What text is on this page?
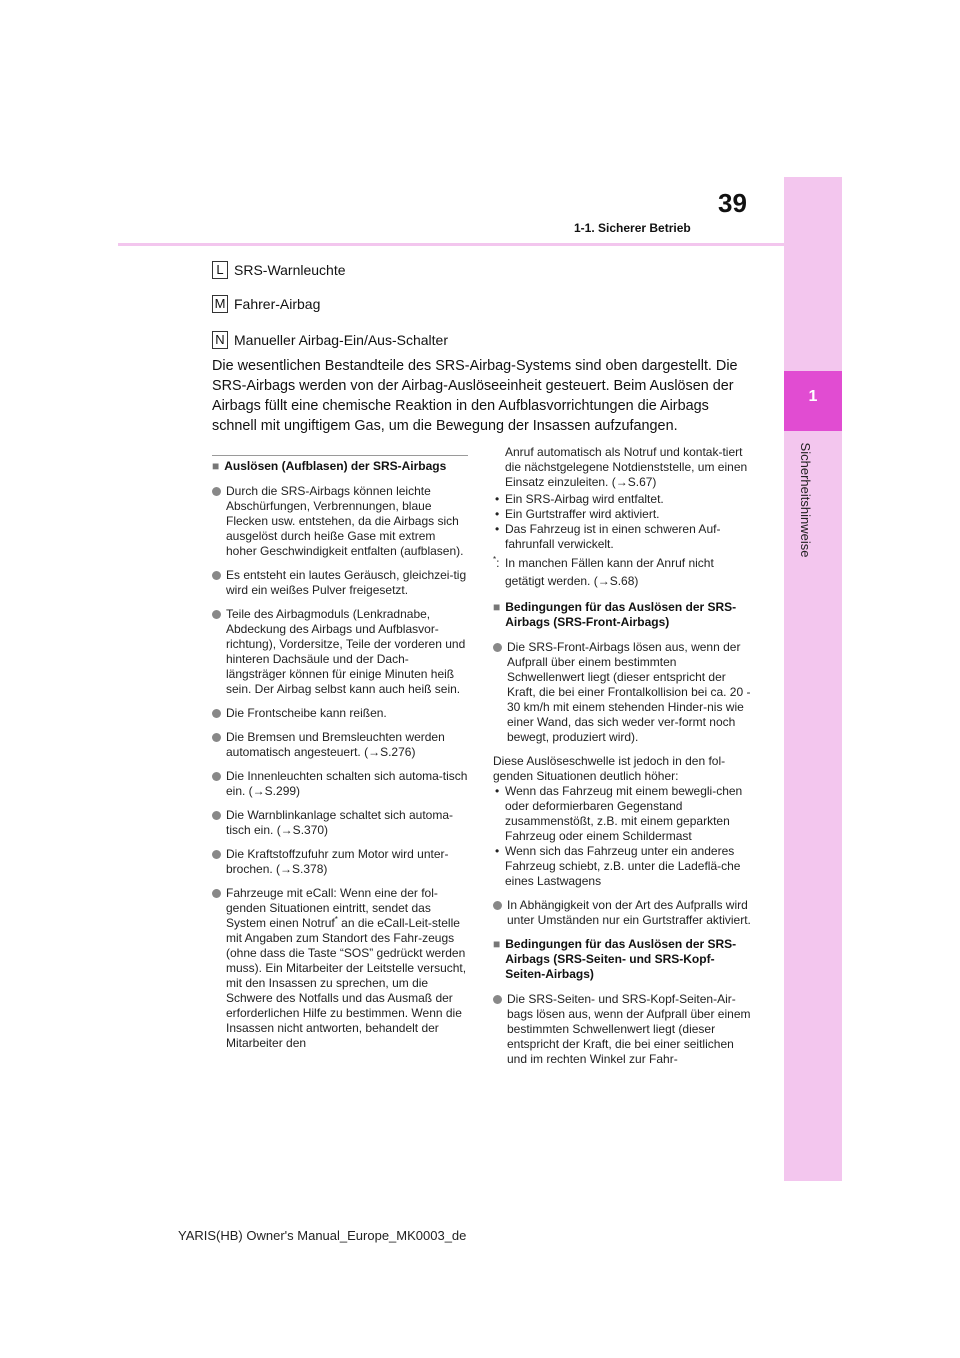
1
Sicherheitshinweise
39
1-1. Sicherer Betrieb
L SRS-Warnleuchte
M Fahrer-Airbag
N Manueller Airbag-Ein/Aus-Schalter
Die wesentlichen Bestandteile des SRS-Airbag-Systems sind oben dargestellt. Die SRS-Airbags werden von der Airbag-Auslöseeinheit gesteuert. Beim Auslösen der Airbags füllt eine chemische Reaktion in den Aufblasvorrichtungen die Airbags schnell mit ungiftigem Gas, um die Bewegung der Insassen aufzufangen.
■ Auslösen (Aufblasen) der SRS-Airbags
Durch die SRS-Airbags können leichte Abschürfungen, Verbrennungen, blaue Flecken usw. entstehen, da die Airbags sich ausgelöst durch heiße Gase mit extrem hoher Geschwindigkeit entfalten (aufblasen).
Es entsteht ein lautes Geräusch, gleichzei-tig wird ein weißes Pulver freigesetzt.
Teile des Airbagmoduls (Lenkradnabe, Abdeckung des Airbags und Aufblasvor-richtung), Vordersitze, Teile der vorderen und hinteren Dachsäule und der Dach-längsträger können für einige Minuten heiß sein. Der Airbag selbst kann auch heiß sein.
Die Frontscheibe kann reißen.
Die Bremsen und Bremsleuchten werden automatisch angesteuert. (→S.276)
Die Innenleuchten schalten sich automa-tisch ein. (→S.299)
Die Warnblinkanlage schaltet sich automa-tisch ein. (→S.370)
Die Kraftstoffzufuhr zum Motor wird unter-brochen. (→S.378)
Fahrzeuge mit eCall: Wenn eine der fol-genden Situationen eintritt, sendet das System einen Notruf* an die eCall-Leit-stelle mit Angaben zum Standort des Fahr-zeugs (ohne dass die Taste “SOS” gedrückt werden muss). Ein Mitarbeiter der Leitstelle versucht, mit den Insassen zu sprechen, um die Schwere des Notfalls und das Ausmaß der erforderlichen Hilfe zu bestimmen. Wenn die Insassen nicht antworten, behandelt der Mitarbeiter den
Anruf automatisch als Notruf und kontak-tiert die nächstgelegene Notdienststelle, um einen Einsatz einzuleiten. (→S.67)
• Ein SRS-Airbag wird entfaltet.
• Ein Gurtstraffer wird aktiviert.
• Das Fahrzeug ist in einen schweren Auf-fahrunfall verwickelt.
*: In manchen Fällen kann der Anruf nicht getätigt werden. (→S.68)
■ Bedingungen für das Auslösen der SRS-Airbags (SRS-Front-Airbags)
Die SRS-Front-Airbags lösen aus, wenn der Aufprall über einem bestimmten Schwellenwert liegt (dieser entspricht der Kraft, die bei einer Frontalkollision bei ca. 20 - 30 km/h mit einem stehenden Hinder-nis wie einer Wand, das sich weder ver-formt noch bewegt, produziert wird).
Diese Auslöseschwelle ist jedoch in den fol-genden Situationen deutlich höher:
• Wenn das Fahrzeug mit einem bewegli-chen oder deformierbaren Gegenstand zusammenstößt, z.B. mit einem geparkten Fahrzeug oder einem Schildermast
• Wenn sich das Fahrzeug unter ein anderes Fahrzeug schiebt, z.B. unter die Ladeflä-che eines Lastwagens
In Abhängigkeit von der Art des Aufpralls wird unter Umständen nur ein Gurtstraffer aktiviert.
■ Bedingungen für das Auslösen der SRS-Airbags (SRS-Seiten- und SRS-Kopf-Seiten-Airbags)
Die SRS-Seiten- und SRS-Kopf-Seiten-Air-bags lösen aus, wenn der Aufprall über einem bestimmten Schwellenwert liegt (dieser entspricht der Kraft, die bei einer seitlichen und im rechten Winkel zur Fahr-
YARIS(HB) Owner's Manual_Europe_MK0003_de
